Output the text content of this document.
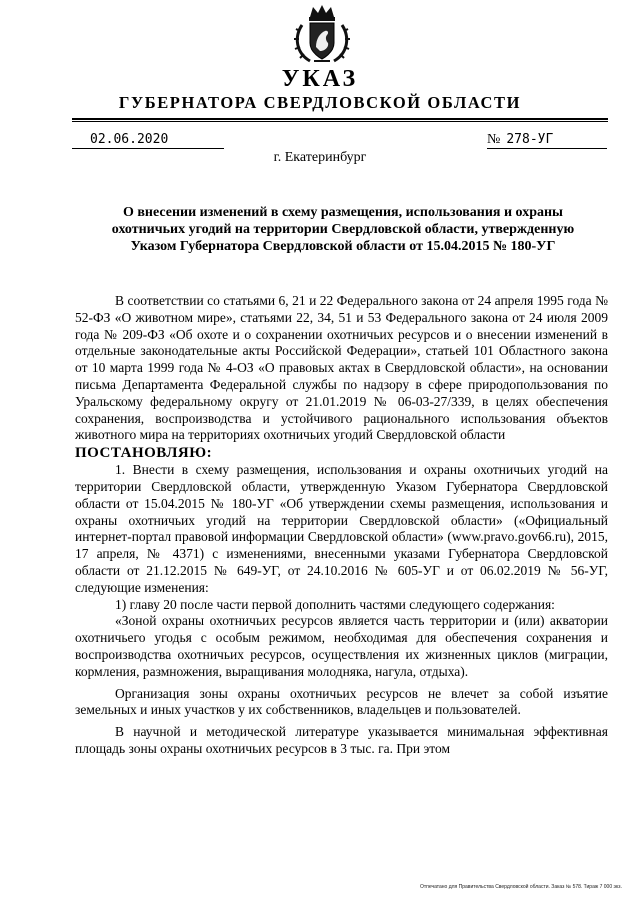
УКАЗ
ГУБЕРНАТОРА СВЕРДЛОВСКОЙ ОБЛАСТИ
02.06.2020	№ 278-УГ
г. Екатеринбург
О внесении изменений в схему размещения, использования и охраны
охотничьих угодий на территории Свердловской области, утвержденную
Указом Губернатора Свердловской области от 15.04.2015 № 180-УГ

В соответствии со статьями 6, 21 и 22 Федерального закона от 24 апреля 1995 года № 52-ФЗ «О животном мире», статьями 22, 34, 51 и 53 Федерального закона от 24 июля 2009 года № 209-ФЗ «Об охоте и о сохранении охотничьих ресурсов и о внесении изменений в отдельные законодательные акты Российской Федерации», статьей 101 Областного закона от 10 марта 1999 года № 4-ОЗ «О правовых актах в Свердловской области», на основании письма Департамента Федеральной службы по надзору в сфере природопользования по Уральскому федеральному округу от 21.01.2019 № 06-03-27/339, в целях обеспечения сохранения, воспроизводства и устойчивого рационального использования объектов животного мира на территориях охотничьих угодий Свердловской области

ПОСТАНОВЛЯЮ:

1. Внести в схему размещения, использования и охраны охотничьих угодий на территории Свердловской области, утвержденную Указом Губернатора Свердловской области от 15.04.2015 № 180-УГ «Об утверждении схемы размещения, использования и охраны охотничьих угодий на территории Свердловской области» («Официальный интернет-портал правовой информации Свердловской области» (www.pravo.gov66.ru), 2015, 17 апреля, № 4371) с изменениями, внесенными указами Губернатора Свердловской области от 21.12.2015 № 649-УГ, от 24.10.2016 № 605-УГ и от 06.02.2019 № 56-УГ, следующие изменения:

1) главу 20 после части первой дополнить частями следующего содержания:

«Зоной охраны охотничьих ресурсов является часть территории и (или) акватории охотничьего угодья с особым режимом, необходимая для обеспечения сохранения и воспроизводства охотничьих ресурсов, осуществления их жизненных циклов (миграции, кормления, размножения, выращивания молодняка, нагула, отдыха).

Организация зоны охраны охотничьих ресурсов не влечет за собой изъятие земельных и иных участков у их собственников, владельцев и пользователей.

В научной и методической литературе указывается минимальная эффективная площадь зоны охраны охотничьих ресурсов в 3 тыс. га. При этом

Отпечатано для Правительства Свердловской области. Заказ № 578. Тираж 7 000 экз.
